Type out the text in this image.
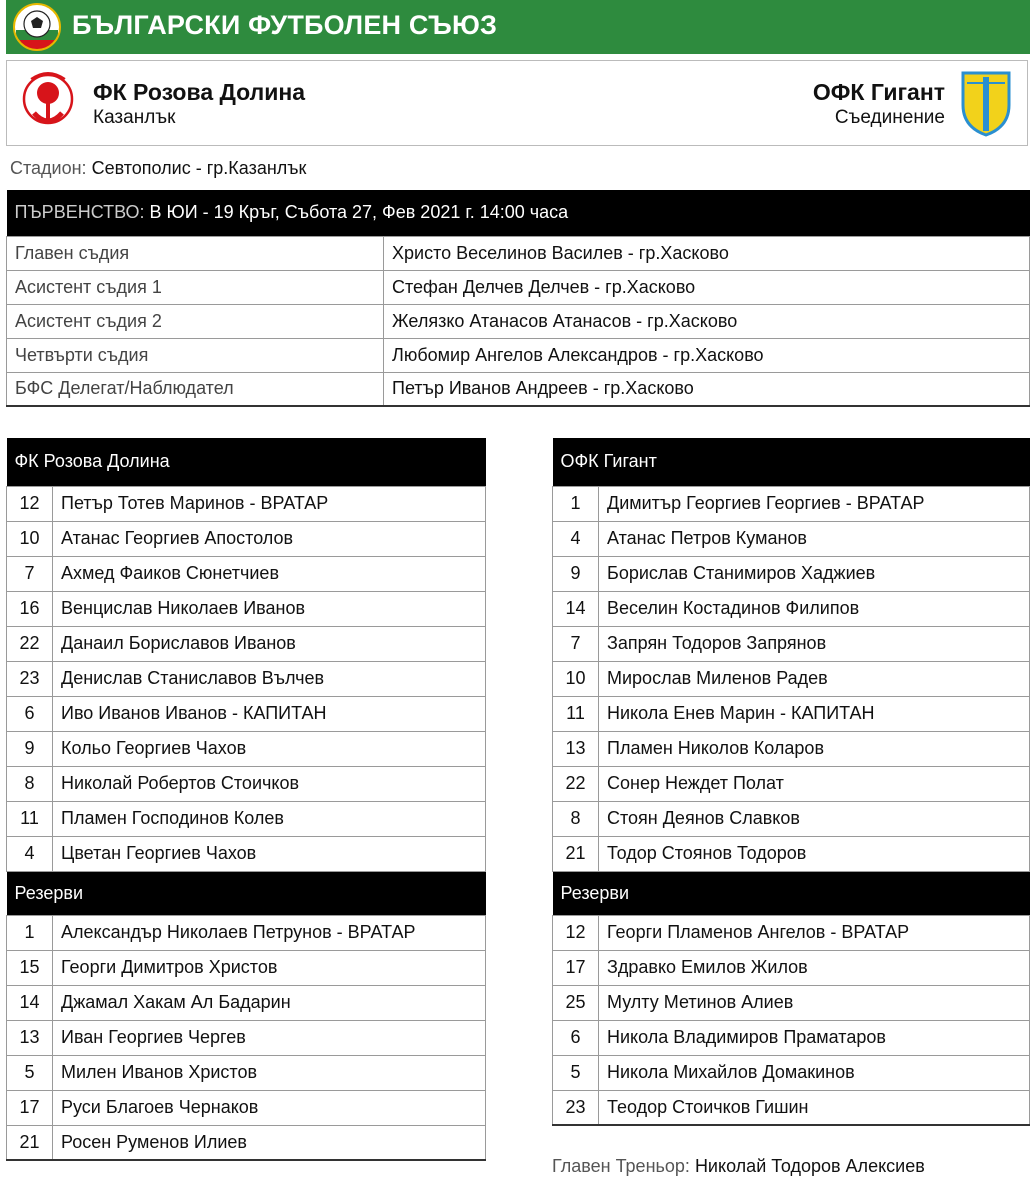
БЪЛГАРСКИ ФУТБОЛЕН СЪЮЗ
ФК Розова Долина
Казанлък
ОФК Гигант
Съединение
Стадион: Севтополис - гр.Казанлък
ПЪРВЕНСТВО: В ЮИ - 19 Кръг, Събота 27, Фев 2021 г. 14:00 часа	
Главен съдия	Христо Веселинов Василев - гр.Хасково
Асистент съдия 1	Стефан Делчев Делчев - гр.Хасково
Асистент съдия 2	Желязко Атанасов Атанасов - гр.Хасково
Четвърти съдия	Любомир Ангелов Александров - гр.Хасково
БФС Делегат/Наблюдател	Петър Иванов Андреев - гр.Хасково
ФК Розова Долина	
12	Петър Тотев Маринов - ВРАТАР
10	Атанас Георгиев Апостолов
7	Ахмед Фаиков Сюнетчиев
16	Венцислав Николаев Иванов
22	Данаил Бориславов Иванов
23	Денислав Станиславов Вълчев
6	Иво Иванов Иванов - КАПИТАН
9	Кольо Георгиев Чахов
8	Николай Робертов Стоичков
11	Пламен Господинов Колев
4	Цветан Георгиев Чахов
Резерви	
1	Александър Николаев Петрунов - ВРАТАР
15	Георги Димитров Христов
14	Джамал Хакам Ал Бадарин
13	Иван Георгиев Чергев
5	Милен Иванов Христов
17	Руси Благоев Чернаков
21	Росен Руменов Илиев
ОФК Гигант	
1	Димитър Георгиев Георгиев - ВРАТАР
4	Атанас Петров Куманов
9	Борислав Станимиров Хаджиев
14	Веселин Костадинов Филипов
7	Запрян Тодоров Запрянов
10	Мирослав Миленов Радев
11	Никола Енев Марин - КАПИТАН
13	Пламен Николов Коларов
22	Сонер Неждет Полат
8	Стоян Деянов Славков
21	Тодор Стоянов Тодоров
Резерви	
12	Георги Пламенов Ангелов - ВРАТАР
17	Здравко Емилов Жилов
25	Мулту Метинов Алиев
6	Никола Владимиров Праматаров
5	Никола Михайлов Домакинов
23	Теодор Стоичков Гишин
Главен Треньор: Николай Тодоров Алексиев
